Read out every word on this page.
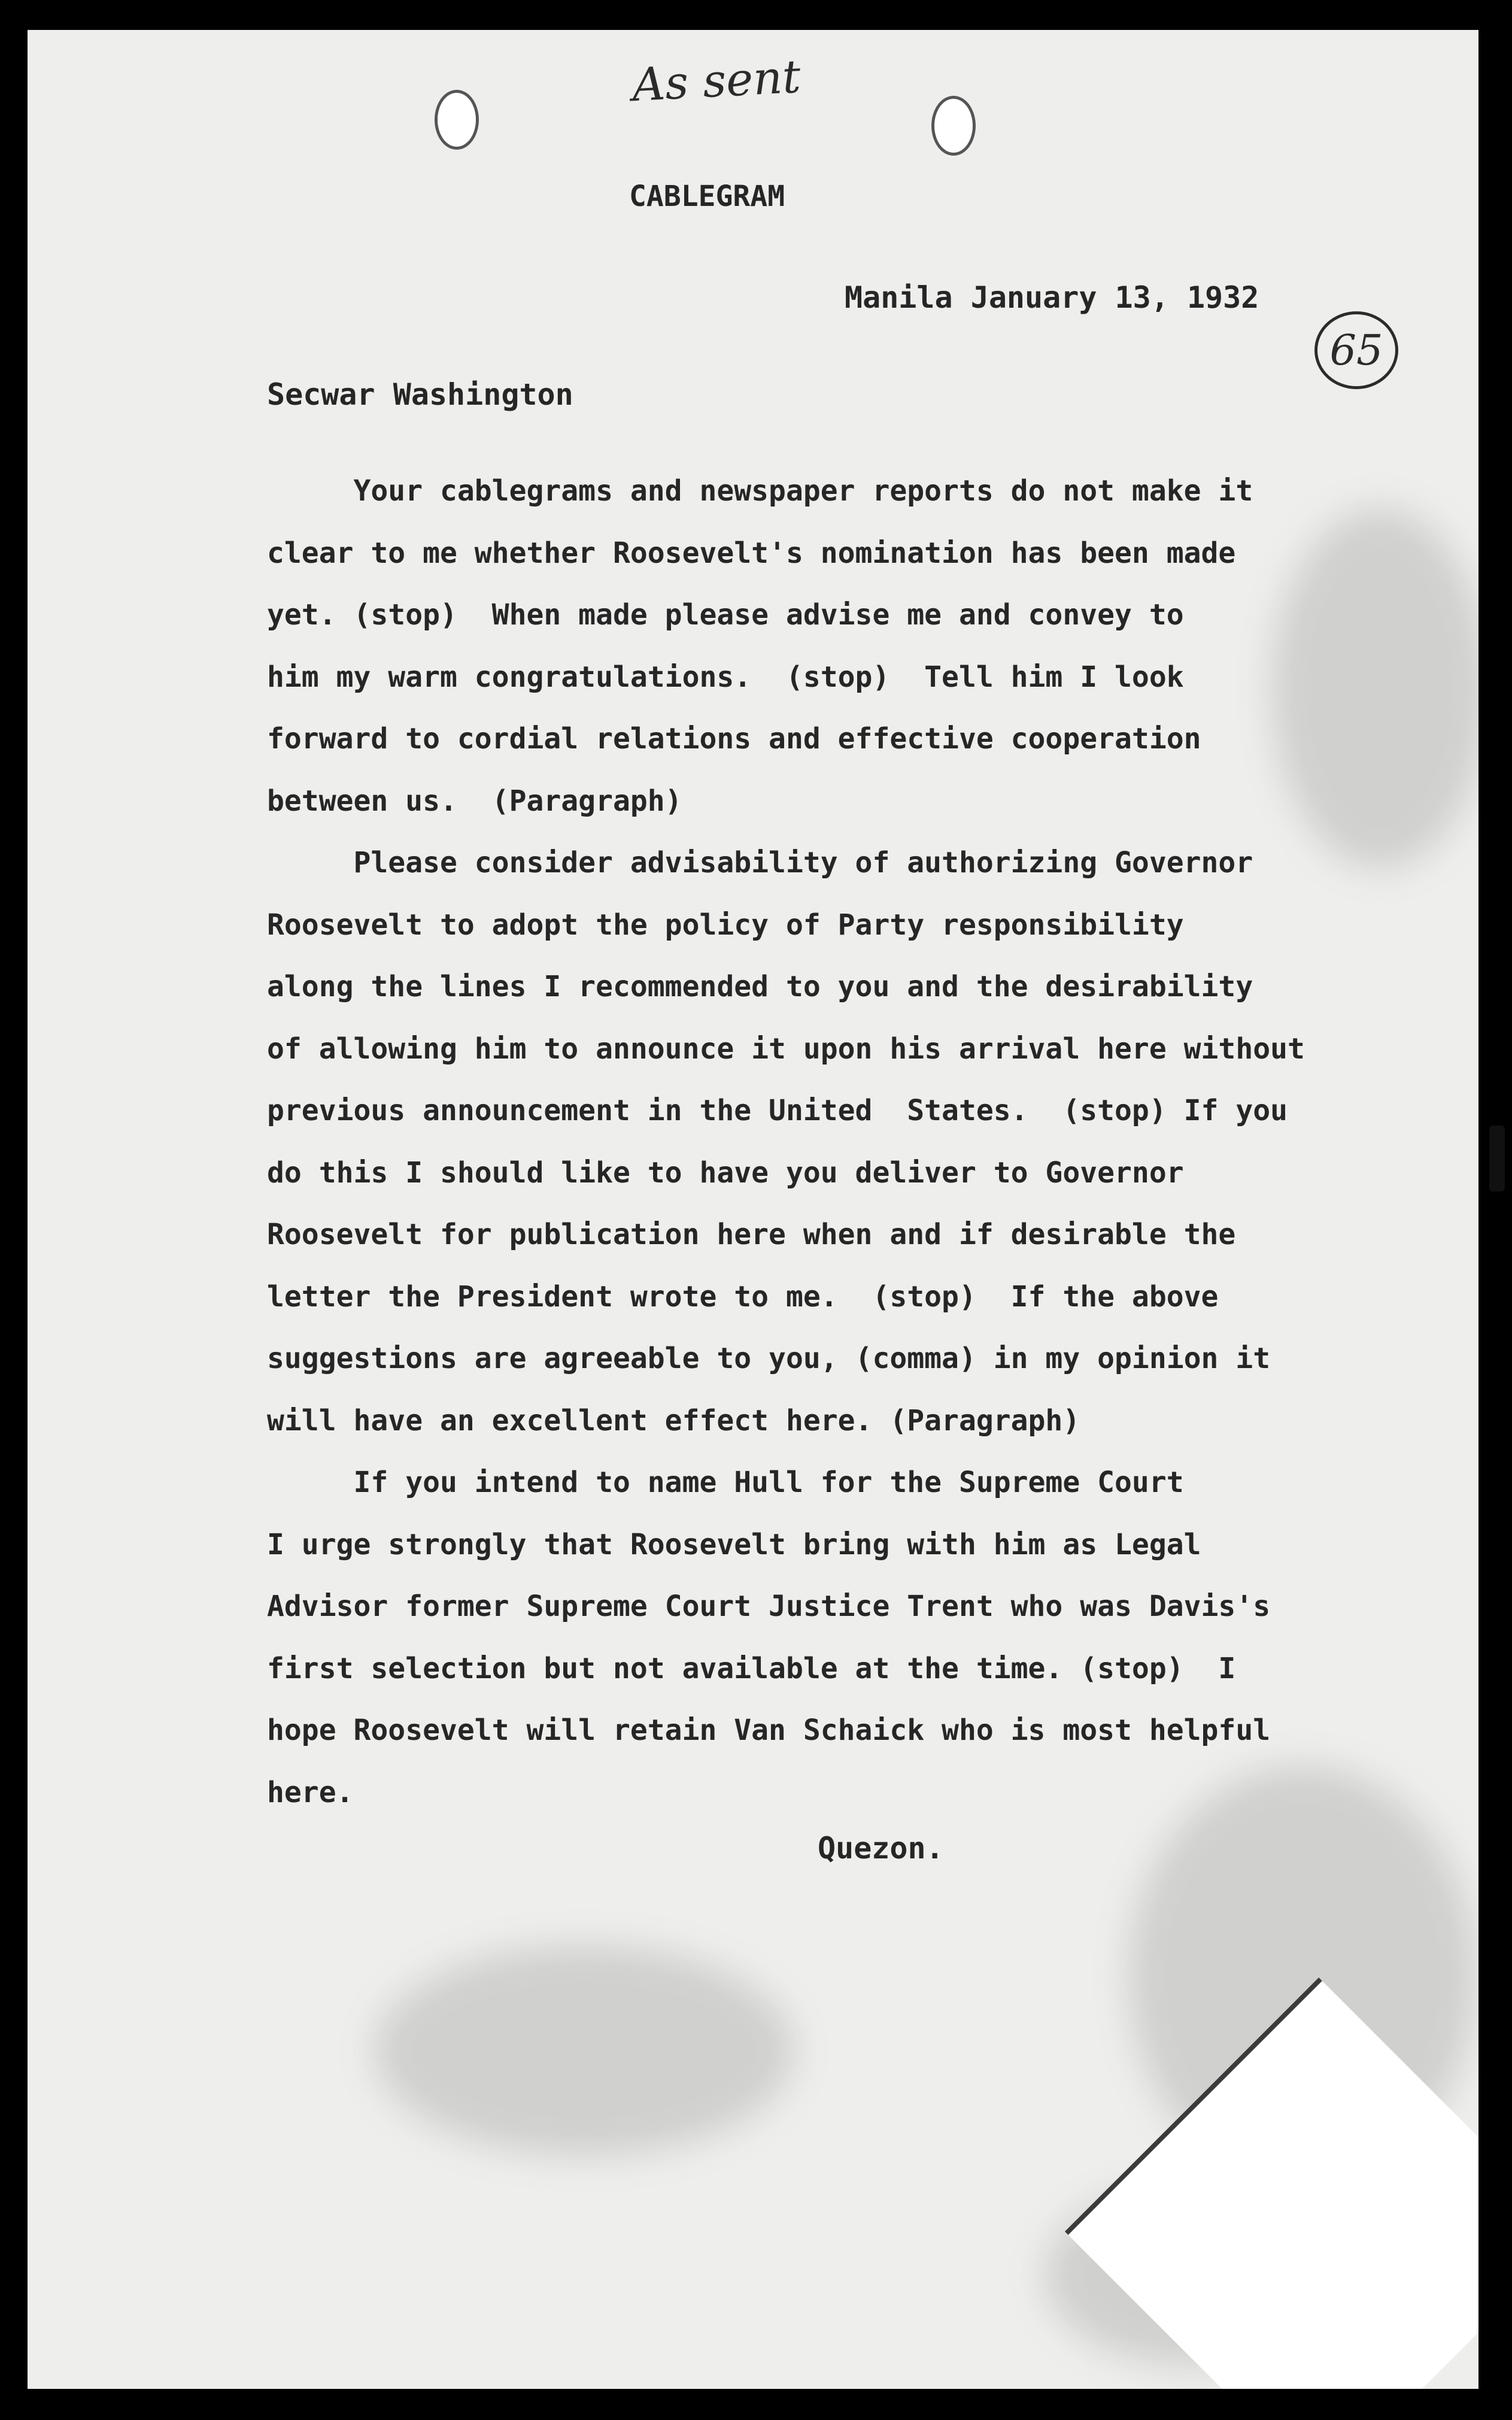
As sent
65
CABLEGRAM
Manila January 13, 1932
Secwar Washington
Your cablegrams and newspaper reports do not make it
clear to me whether Roosevelt's nomination has been made
yet. (stop)  When made please advise me and convey to
him my warm congratulations.  (stop)  Tell him I look
forward to cordial relations and effective cooperation
between us.  (Paragraph)
Please consider advisability of authorizing Governor
Roosevelt to adopt the policy of Party responsibility
along the lines I recommended to you and the desirability
of allowing him to announce it upon his arrival here without
previous announcement in the United  States.  (stop) If you
do this I should like to have you deliver to Governor
Roosevelt for publication here when and if desirable the
letter the President wrote to me.  (stop)  If the above
suggestions are agreeable to you, (comma) in my opinion it
will have an excellent effect here. (Paragraph)
If you intend to name Hull for the Supreme Court
I urge strongly that Roosevelt bring with him as Legal
Advisor former Supreme Court Justice Trent who was Davis's
first selection but not available at the time. (stop)  I
hope Roosevelt will retain Van Schaick who is most helpful
here.
Quezon.
